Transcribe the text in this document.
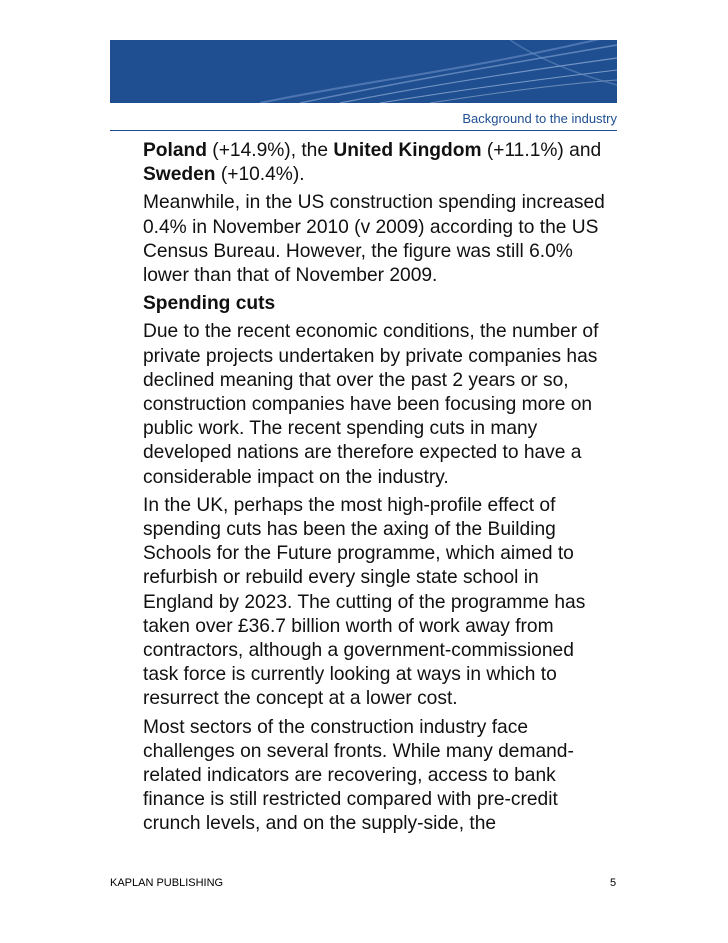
Background to the industry

Poland (+14.9%), the United Kingdom (+11.1%) and Sweden (+10.4%).

Meanwhile, in the US construction spending increased 0.4% in November 2010 (v 2009) according to the US Census Bureau. However, the figure was still 6.0% lower than that of November 2009.

Spending cuts

Due to the recent economic conditions, the number of private projects undertaken by private companies has declined meaning that over the past 2 years or so, construction companies have been focusing more on public work. The recent spending cuts in many developed nations are therefore expected to have a considerable impact on the industry.

In the UK, perhaps the most high-profile effect of spending cuts has been the axing of the Building Schools for the Future programme, which aimed to refurbish or rebuild every single state school in England by 2023. The cutting of the programme has taken over £36.7 billion worth of work away from contractors, although a government-commissioned task force is currently looking at ways in which to resurrect the concept at a lower cost.

Most sectors of the construction industry face challenges on several fronts. While many demand-related indicators are recovering, access to bank finance is still restricted compared with pre-credit crunch levels, and on the supply-side, the

KAPLAN PUBLISHING	5
